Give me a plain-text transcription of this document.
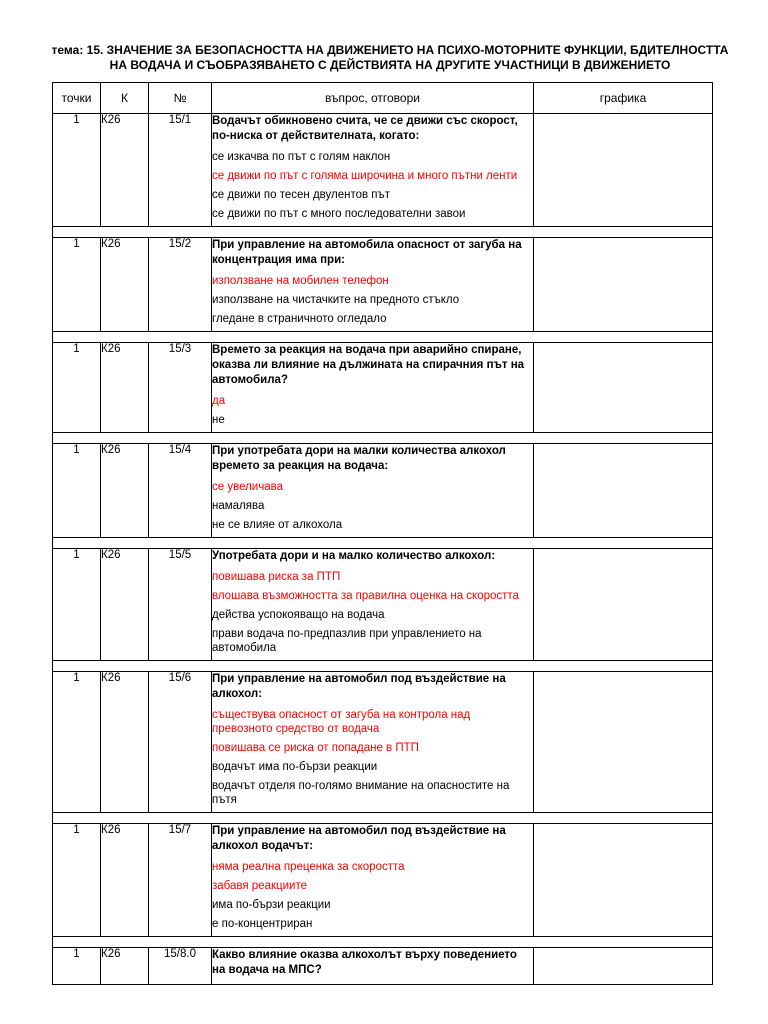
тема: 15. ЗНАЧЕНИЕ ЗА БЕЗОПАСНОСТТА НА ДВИЖЕНИЕТО НА ПСИХО-МОТОРНИТЕ ФУНКЦИИ, БДИТЕЛНОСТТА
НА ВОДАЧА И СЪОБРАЗЯВАНЕТО С ДЕЙСТВИЯТА НА ДРУГИТЕ УЧАСТНИЦИ В ДВИЖЕНИЕТО
точки	К	№	въпрос, отговори	графика
1	К26	15/1	Водачът обикновено счита, че се движи със скорост, по-ниска от действителната, когато:
се изкачва по път с голям наклон
се движи по път с голяма широчина и много пътни ленти
се движи по тесен двулентов път
се движи по път с много последователни завои	

1	К26	15/2	При управление на автомобила опасност от загуба на концентрация има при:
използване на мобилен телефон
използване на чистачките на предното стъкло
гледане в страничното огледало	

1	К26	15/3	Времето за реакция на водача при аварийно спиране, оказва ли влияние на дължината на спирачния път на автомобила?
да
не	

1	К26	15/4	При употребата дори на малки количества алкохол времето за реакция на водача:
се увеличава
намалява
не се влияе от алкохола	

1	К26	15/5	Употребата дори и на малко количество алкохол:
повишава риска за ПТП
влошава възможността за правилна оценка на скоростта
действа успокояващо на водача
прави водача по-предпазлив при управлението на автомобила	

1	К26	15/6	При управление на автомобил под въздействие на алкохол:
съществува опасност от загуба на контрола над превозното средство от водача
повишава се риска от попадане в ПТП
водачът има по-бързи реакции
водачът отделя по-голямо внимание на опасностите на пътя	

1	К26	15/7	При управление на автомобил под въздействие на алкохол водачът:
няма реална преценка за скоростта
забавя реакциите
има по-бързи реакции
е по-концентриран	

1	К26	15/8.0	Какво влияние оказва алкохолът върху поведението на водача на МПС?	
